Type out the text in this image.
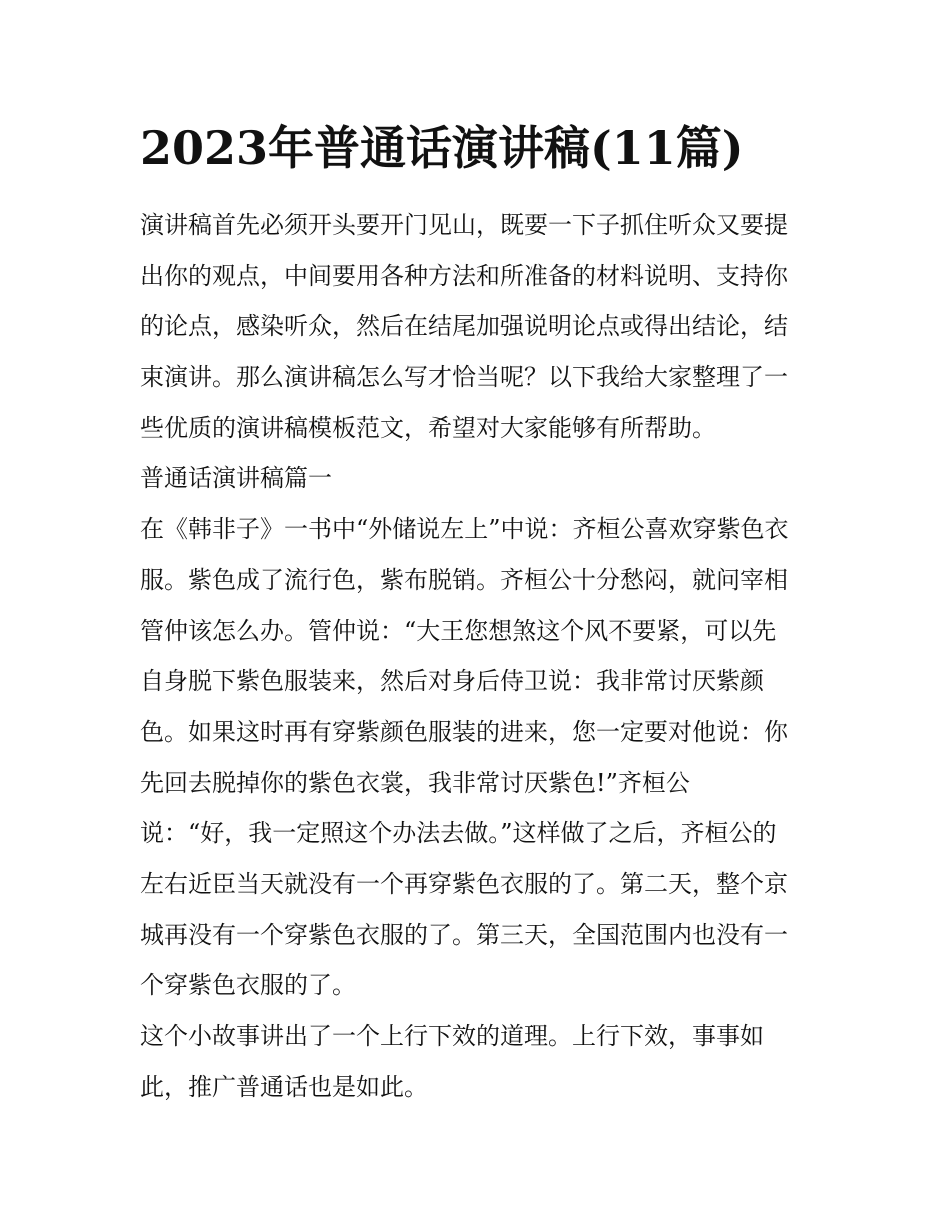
2023年普通话演讲稿(11篇)
演讲稿首先必须开头要开门见山，既要一下子抓住听众又要提
出你的观点，中间要用各种方法和所准备的材料说明、支持你
的论点，感染听众，然后在结尾加强说明论点或得出结论，结
束演讲。那么演讲稿怎么写才恰当呢？以下我给大家整理了一
些优质的演讲稿模板范文，希望对大家能够有所帮助。
普通话演讲稿篇一
在《韩非子》一书中“外储说左上”中说：齐桓公喜欢穿紫色衣
服。紫色成了流行色，紫布脱销。齐桓公十分愁闷，就问宰相
管仲该怎么办。管仲说：“大王您想煞这个风不要紧，可以先
自身脱下紫色服装来，然后对身后侍卫说：我非常讨厌紫颜
色。如果这时再有穿紫颜色服装的进来，您一定要对他说：你
先回去脱掉你的紫色衣裳，我非常讨厌紫色!”齐桓公
说：“好，我一定照这个办法去做。”这样做了之后，齐桓公的
左右近臣当天就没有一个再穿紫色衣服的了。第二天，整个京
城再没有一个穿紫色衣服的了。第三天，全国范围内也没有一
个穿紫色衣服的了。
这个小故事讲出了一个上行下效的道理。上行下效，事事如
此，推广普通话也是如此。
